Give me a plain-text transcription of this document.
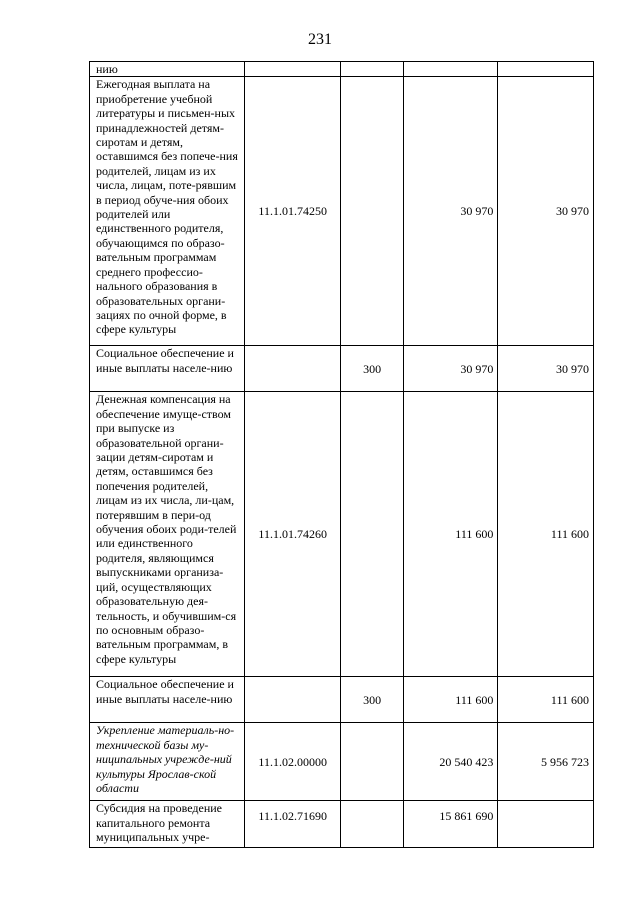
231
нию				
Ежегодная выплата на приобретение учебной литературы и письмен-ных принадлежностей детям-сиротам и детям, оставшимся без попече-ния родителей, лицам из их числа, лицам, поте-рявшим в период обуче-ния обоих родителей или единственного родителя, обучающимся по образо-вательным программам среднего профессио-нального образования в образовательных органи-зациях по очной форме, в сфере культуры	11.1.01.74250		30 970	30 970
Социальное обеспечение и иные выплаты населе-нию		300	30 970	30 970
Денежная компенсация на обеспечение имуще-ством при выпуске из образовательной органи-зации детям-сиротам и детям, оставшимся без попечения родителей, лицам из их числа, ли-цам, потерявшим в пери-од обучения обоих роди-телей или единственного родителя, являющимся выпускниками организа-ций, осуществляющих образовательную дея-тельность, и обучившим-ся по основным образо-вательным программам, в сфере культуры	11.1.01.74260		111 600	111 600
Социальное обеспечение и иные выплаты населе-нию		300	111 600	111 600
Укрепление материаль-но-технической базы му-ниципальных учрежде-ний культуры Ярослав-ской области	11.1.02.00000		20 540 423	5 956 723
Субсидия на проведение капитального ремонта муниципальных учре-	11.1.02.71690		15 861 690	
